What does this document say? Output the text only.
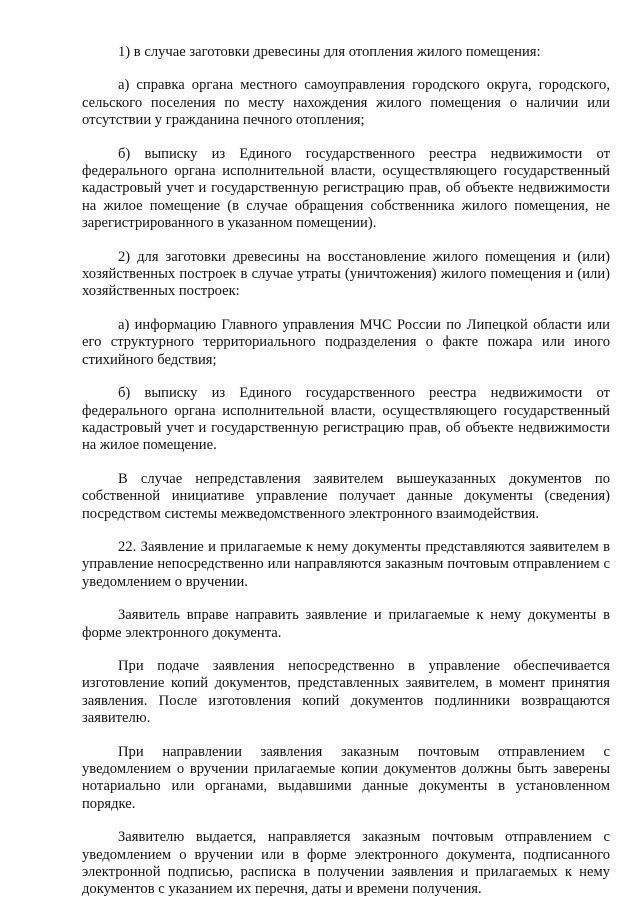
1) в случае заготовки древесины для отопления жилого помещения:

а) справка органа местного самоуправления городского округа, городского, сельского поселения по месту нахождения жилого помещения о наличии или отсутствии у гражданина печного отопления;

б) выписку из Единого государственного реестра недвижимости от федерального органа исполнительной власти, осуществляющего государственный кадастровый учет и государственную регистрацию прав, об объекте недвижимости на жилое помещение (в случае обращения собственника жилого помещения, не зарегистрированного в указанном помещении).

2) для заготовки древесины на восстановление жилого помещения и (или) хозяйственных построек в случае утраты (уничтожения) жилого помещения и (или) хозяйственных построек:

а) информацию Главного управления МЧС России по Липецкой области или его структурного территориального подразделения о факте пожара или иного стихийного бедствия;

б) выписку из Единого государственного реестра недвижимости от федерального органа исполнительной власти, осуществляющего государственный кадастровый учет и государственную регистрацию прав, об объекте недвижимости на жилое помещение.

В случае непредставления заявителем вышеуказанных документов по собственной инициативе управление получает данные документы (сведения) посредством системы межведомственного электронного взаимодействия.

22. Заявление и прилагаемые к нему документы представляются заявителем в управление непосредственно или направляются заказным почтовым отправлением с уведомлением о вручении.

Заявитель вправе направить заявление и прилагаемые к нему документы в форме электронного документа.

При подаче заявления непосредственно в управление обеспечивается изготовление копий документов, представленных заявителем, в момент принятия заявления. После изготовления копий документов подлинники возвращаются заявителю.

При направлении заявления заказным почтовым отправлением с уведомлением о вручении прилагаемые копии документов должны быть заверены нотариально или органами, выдавшими данные документы в установленном порядке.

Заявителю выдается, направляется заказным почтовым отправлением с уведомлением о вручении или в форме электронного документа, подписанного электронной подписью, расписка в получении заявления и прилагаемых к нему документов с указанием их перечня, даты и времени получения.
